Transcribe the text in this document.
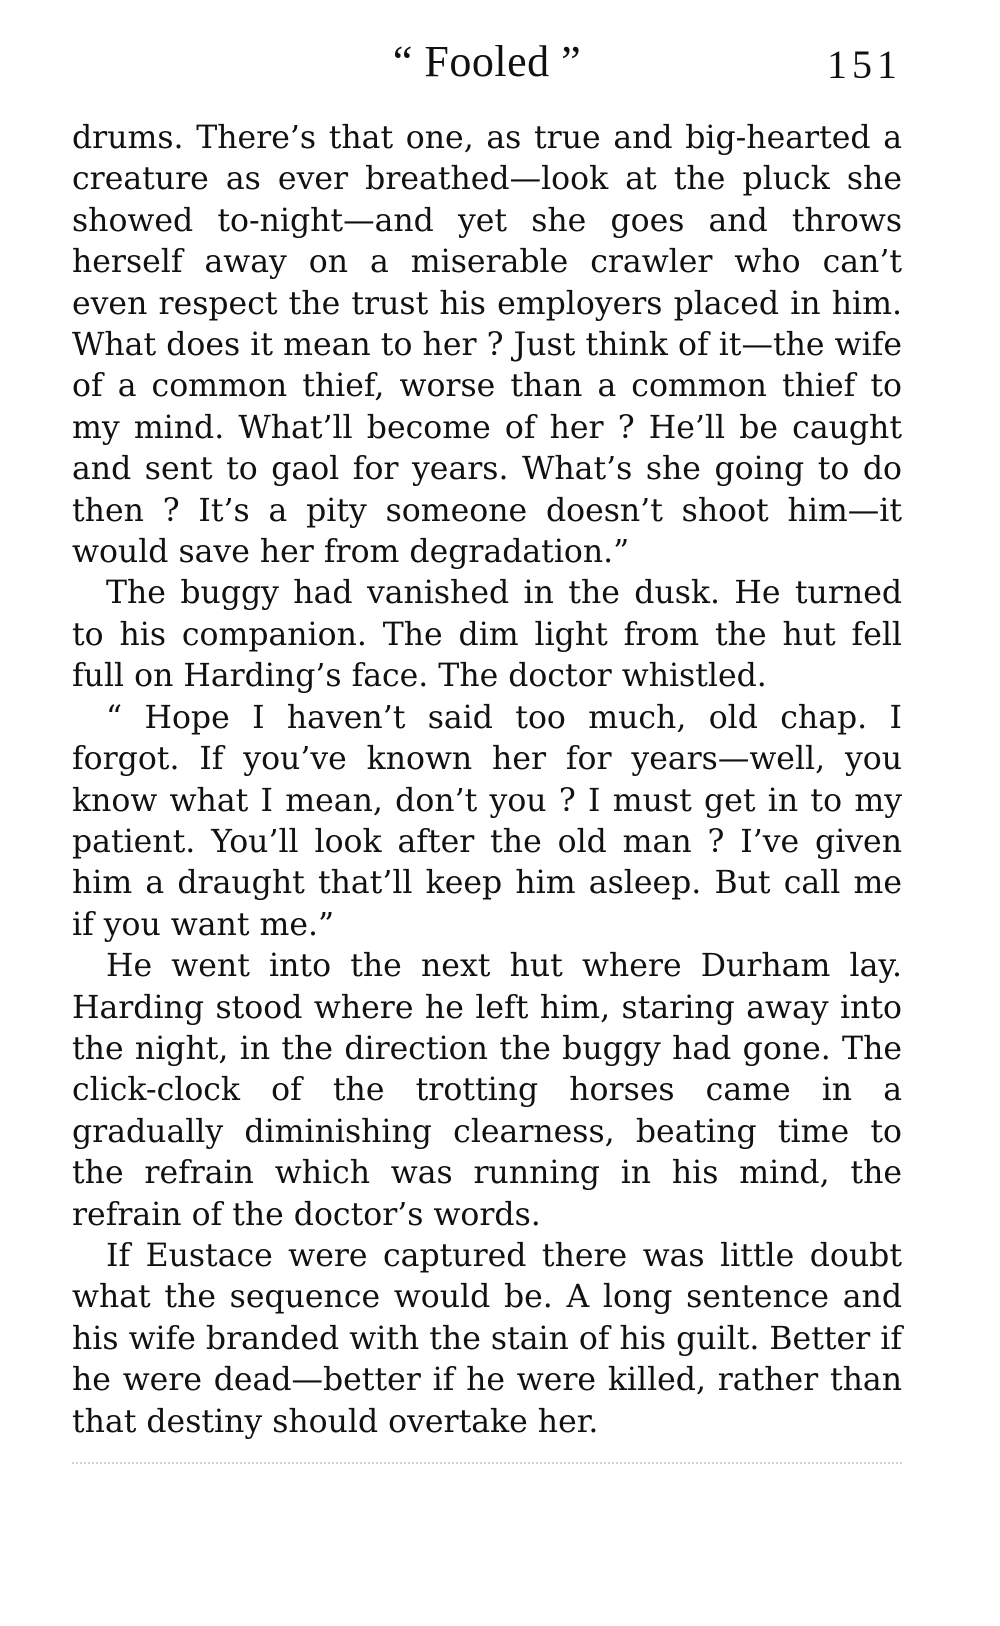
“ Fooled ”	151

drums. There’s that one, as true and big-hearted a creature as ever breathed—look at the pluck she showed to-night—and yet she goes and throws herself away on a miserable crawler who can’t even respect the trust his employers placed in him. What does it mean to her ? Just think of it—the wife of a common thief, worse than a common thief to my mind. What’ll become of her ? He’ll be caught and sent to gaol for years. What’s she going to do then ? It’s a pity someone doesn’t shoot him—it would save her from degradation.”

The buggy had vanished in the dusk. He turned to his companion. The dim light from the hut fell full on Harding’s face. The doctor whistled.

“ Hope I haven’t said too much, old chap. I forgot. If you’ve known her for years—well, you know what I mean, don’t you ? I must get in to my patient. You’ll look after the old man ? I’ve given him a draught that’ll keep him asleep. But call me if you want me.”

He went into the next hut where Durham lay. Harding stood where he left him, staring away into the night, in the direction the buggy had gone. The click-clock of the trotting horses came in a gradually diminishing clearness, beating time to the refrain which was running in his mind, the refrain of the doctor’s words.

If Eustace were captured there was little doubt what the sequence would be. A long sentence and his wife branded with the stain of his guilt. Better if he were dead—better if he were killed, rather than that destiny should overtake her.
